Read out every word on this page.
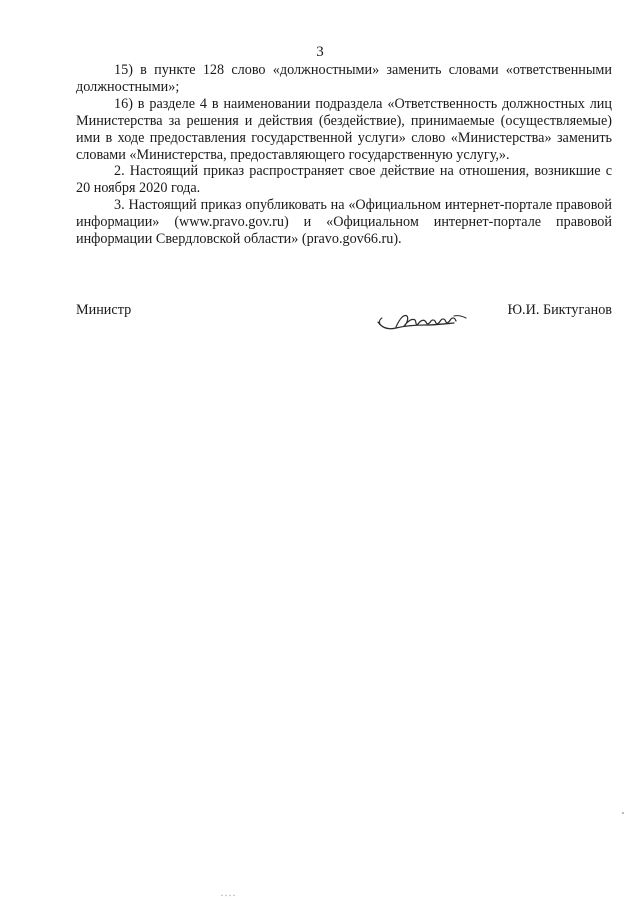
3

15) в пункте 128 слово «должностными» заменить словами «ответственными должностными»;

16) в разделе 4 в наименовании подраздела «Ответственность должностных лиц Министерства за решения и действия (бездействие), принимаемые (осуществляемые) ими в ходе предоставления государственной услуги» слово «Министерства» заменить словами «Министерства, предоставляющего государственную услугу,».

2. Настоящий приказ распространяет свое действие на отношения, возникшие с 20 ноября 2020 года.

3. Настоящий приказ опубликовать на «Официальном интернет-портале правовой информации» (www.pravo.gov.ru) и «Официальном интернет-портале правовой информации Свердловской области» (pravo.gov66.ru).

Министр	Ю.И. Биктуганов
